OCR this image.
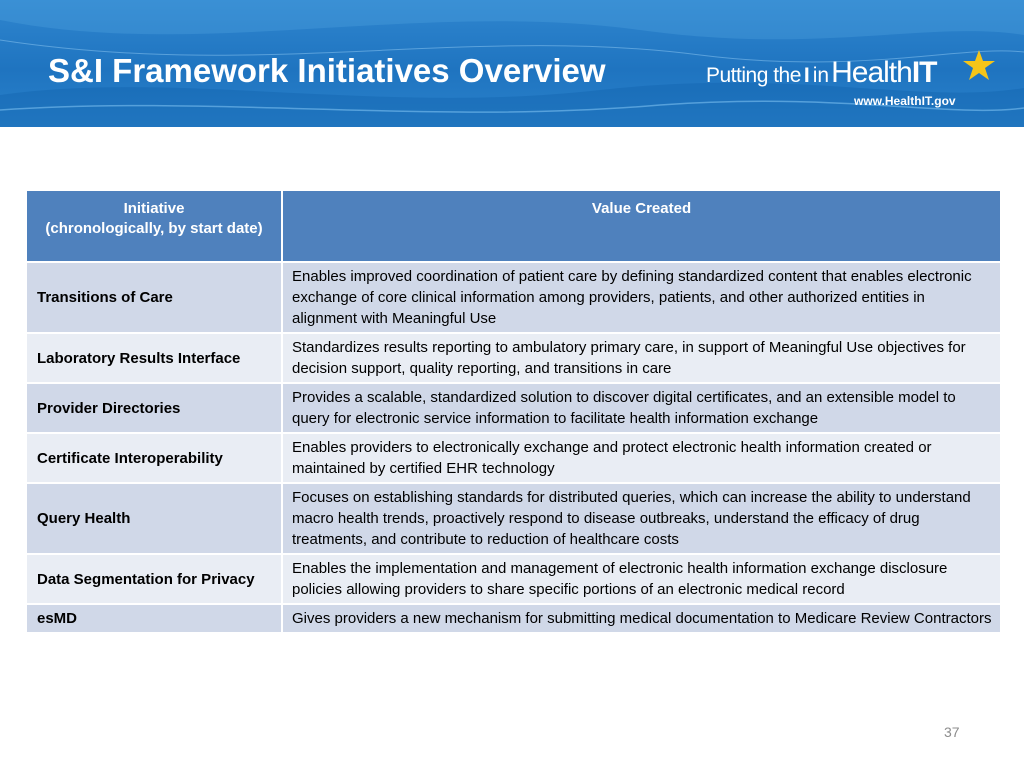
S&I Framework Initiatives Overview	Putting the I inHealthIT
www.HealthIT.gov
Initiative
(chronologically, by start date)	Value Created
Transitions of Care	Enables improved coordination of patient care by defining standardized content that enables electronic exchange of core clinical information among providers, patients, and other authorized entities in alignment with Meaningful Use
Laboratory Results Interface	Standardizes results reporting to ambulatory primary care, in support of Meaningful Use objectives for decision support, quality reporting, and transitions in care
Provider Directories	Provides a scalable, standardized solution to discover digital certificates, and an extensible model to query for electronic service information to facilitate health information exchange
Certificate Interoperability	Enables providers to electronically exchange and protect electronic health information created or maintained by certified EHR technology
Query Health	Focuses on establishing standards for distributed queries, which can increase the ability to understand macro health trends, proactively respond to disease outbreaks, understand the efficacy of drug treatments, and contribute to reduction of healthcare costs
Data Segmentation for Privacy	Enables the implementation and management of electronic health information exchange disclosure policies allowing providers to share specific portions of an electronic medical record
esMD	Gives providers a new mechanism for submitting medical documentation to Medicare Review Contractors
37
